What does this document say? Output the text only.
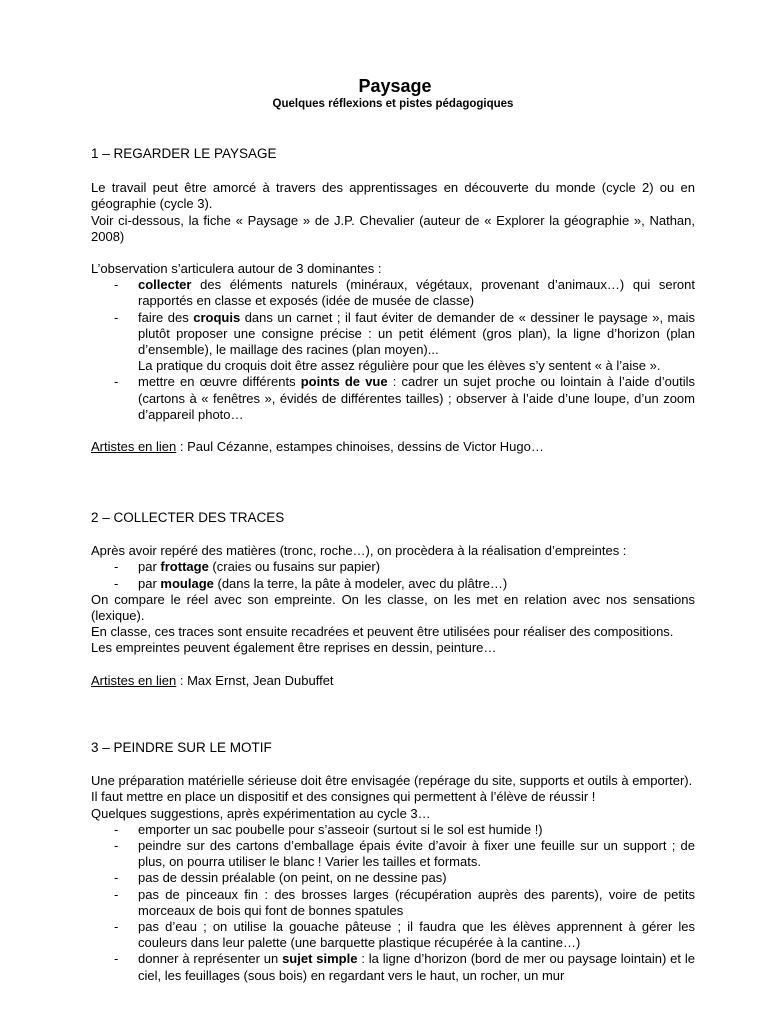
Paysage
Quelques réflexions et pistes pédagogiques

1 – REGARDER LE PAYSAGE

Le travail peut être amorcé à travers des apprentissages en découverte du monde (cycle 2) ou en géographie (cycle 3).

Voir ci-dessous, la fiche « Paysage » de J.P. Chevalier (auteur de « Explorer la géographie », Nathan, 2008)

L’observation s’articulera autour de 3 dominantes :

- collecter des éléments naturels (minéraux, végétaux, provenant d’animaux…) qui seront rapportés en classe et exposés (idée de musée de classe)
- faire des croquis dans un carnet ; il faut éviter de demander de « dessiner le paysage », mais plutôt proposer une consigne précise : un petit élément (gros plan), la ligne d’horizon (plan d’ensemble), le maillage des racines (plan moyen)...

La pratique du croquis doit être assez régulière pour que les élèves s’y sentent « à l’aise ».

- mettre en œuvre différents points de vue : cadrer un sujet proche ou lointain à l’aide d’outils (cartons à « fenêtres », évidés de différentes tailles) ; observer à l’aide d’une loupe, d’un zoom d’appareil photo…

Artistes en lien : Paul Cézanne, estampes chinoises, dessins de Victor Hugo…

2 – COLLECTER DES TRACES

Après avoir repéré des matières (tronc, roche…), on procèdera à la réalisation d’empreintes :

- par frottage (craies ou fusains sur papier)
- par moulage (dans la terre, la pâte à modeler, avec du plâtre…)

On compare le réel avec son empreinte. On les classe, on les met en relation avec nos sensations (lexique).

En classe, ces traces sont ensuite recadrées et peuvent être utilisées pour réaliser des compositions.

Les empreintes peuvent également être reprises en dessin, peinture…

Artistes en lien : Max Ernst, Jean Dubuffet

3 – PEINDRE SUR LE MOTIF

Une préparation matérielle sérieuse doit être envisagée (repérage du site, supports et outils à emporter).

Il faut mettre en place un dispositif et des consignes qui permettent à l’élève de réussir !

Quelques suggestions, après expérimentation au cycle 3…

- emporter un sac poubelle pour s’asseoir (surtout si le sol est humide !)
- peindre sur des cartons d’emballage épais évite d’avoir à fixer une feuille sur un support ; de plus, on pourra utiliser le blanc ! Varier les tailles et formats.
- pas de dessin préalable (on peint, on ne dessine pas)
- pas de pinceaux fin : des brosses larges (récupération auprès des parents), voire de petits morceaux de bois qui font de bonnes spatules
- pas d’eau ; on utilise la gouache pâteuse ; il faudra que les élèves apprennent à gérer les couleurs dans leur palette (une barquette plastique récupérée à la cantine…)
- donner à représenter un sujet simple : la ligne d’horizon (bord de mer ou paysage lointain) et le ciel, les feuillages (sous bois) en regardant vers le haut, un rocher, un mur
